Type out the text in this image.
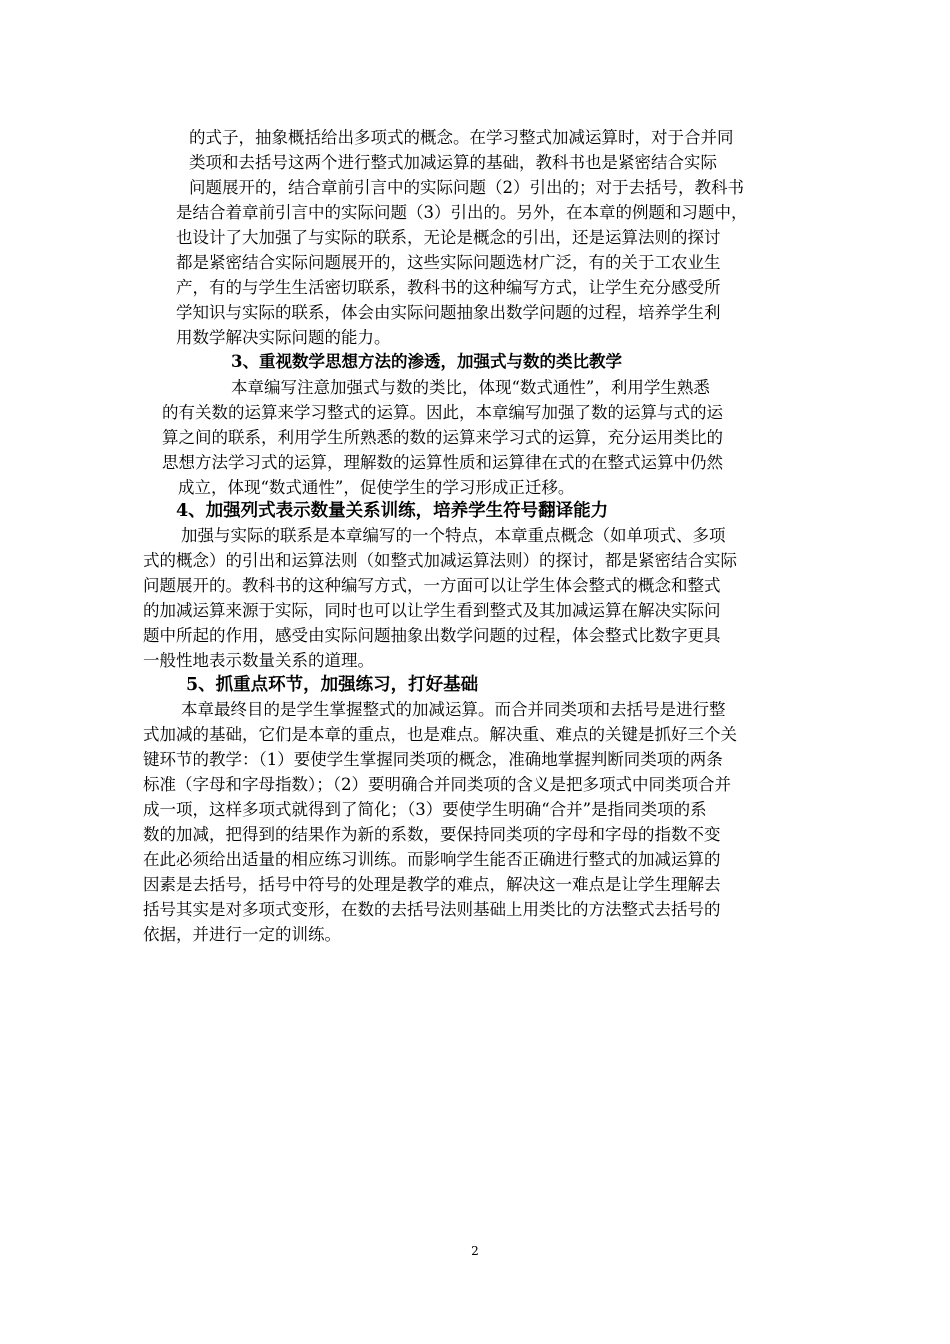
的式子，抽象概括给出多项式的概念。在学习整式加减运算时，对于合并同
类项和去括号这两个进行整式加减运算的基础，教科书也是紧密结合实际
问题展开的，结合章前引言中的实际问题（2）引出的；对于去括号，教科书
是结合着章前引言中的实际问题（3）引出的。另外，在本章的例题和习题中，
也设计了大加强了与实际的联系，无论是概念的引出，还是运算法则的探讨
都是紧密结合实际问题展开的，这些实际问题选材广泛，有的关于工农业生
产，有的与学生生活密切联系，教科书的这种编写方式，让学生充分感受所
学知识与实际的联系，体会由实际问题抽象出数学问题的过程，培养学生利
用数学解决实际问题的能力。
3、重视数学思想方法的渗透，加强式与数的类比教学
本章编写注意加强式与数的类比，体现“数式通性”，利用学生熟悉
的有关数的运算来学习整式的运算。因此，本章编写加强了数的运算与式的运
算之间的联系，利用学生所熟悉的数的运算来学习式的运算，充分运用类比的
思想方法学习式的运算，理解数的运算性质和运算律在式的在整式运算中仍然
成立，体现“数式通性”，促使学生的学习形成正迁移。
4、加强列式表示数量关系训练，培养学生符号翻译能力
加强与实际的联系是本章编写的一个特点，本章重点概念（如单项式、多项
式的概念）的引出和运算法则（如整式加减运算法则）的探讨，都是紧密结合实际
问题展开的。教科书的这种编写方式，一方面可以让学生体会整式的概念和整式
的加减运算来源于实际，同时也可以让学生看到整式及其加减运算在解决实际问
题中所起的作用，感受由实际问题抽象出数学问题的过程，体会整式比数字更具
一般性地表示数量关系的道理。
5、抓重点环节，加强练习，打好基础
本章最终目的是学生掌握整式的加减运算。而合并同类项和去括号是进行整
式加减的基础，它们是本章的重点，也是难点。解决重、难点的关键是抓好三个关
键环节的教学：（1）要使学生掌握同类项的概念，准确地掌握判断同类项的两条
标准（字母和字母指数）；（2）要明确合并同类项的含义是把多项式中同类项合并
成一项，这样多项式就得到了简化；（3）要使学生明确“合并”是指同类项的系
数的加减，把得到的结果作为新的系数，要保持同类项的字母和字母的指数不变
在此必须给出适量的相应练习训练。而影响学生能否正确进行整式的加减运算的
因素是去括号，括号中符号的处理是教学的难点，解决这一难点是让学生理解去
括号其实是对多项式变形，在数的去括号法则基础上用类比的方法整式去括号的
依据，并进行一定的训练。
2
